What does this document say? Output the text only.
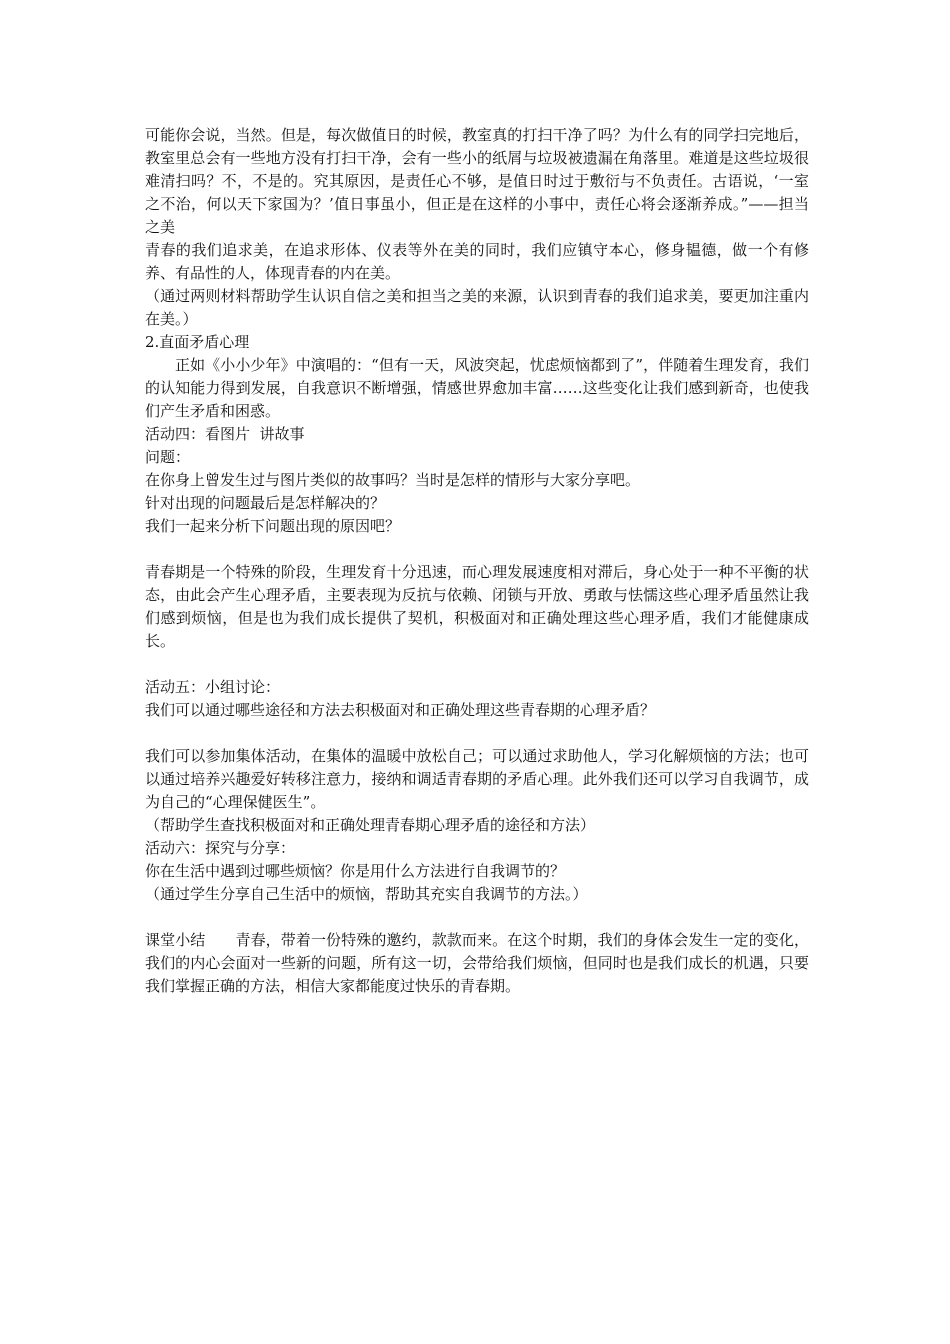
可能你会说，当然。但是，每次做值日的时候，教室真的打扫干净了吗？为什么有的同学扫完地后，教室里总会有一些地方没有打扫干净，会有一些小的纸屑与垃圾被遗漏在角落里。难道是这些垃圾很难清扫吗？不，不是的。究其原因，是责任心不够，是值日时过于敷衍与不负责任。古语说，‘一室之不治，何以天下家国为？’值日事虽小，但正是在这样的小事中，责任心将会逐渐养成。”——担当之美

青春的我们追求美，在追求形体、仪表等外在美的同时，我们应镇守本心，修身韫德，做一个有修养、有品性的人，体现青春的内在美。

（通过两则材料帮助学生认识自信之美和担当之美的来源，认识到青春的我们追求美，要更加注重内在美。）

2.直面矛盾心理

正如《小小少年》中演唱的：“但有一天，风波突起，忧虑烦恼都到了”，伴随着生理发育，我们的认知能力得到发展，自我意识不断增强，情感世界愈加丰富……这些变化让我们感到新奇，也使我们产生矛盾和困惑。

活动四：看图片  讲故事

问题：

在你身上曾发生过与图片类似的故事吗？当时是怎样的情形与大家分享吧。

针对出现的问题最后是怎样解决的？

我们一起来分析下问题出现的原因吧？

青春期是一个特殊的阶段，生理发育十分迅速，而心理发展速度相对滞后，身心处于一种不平衡的状态，由此会产生心理矛盾，主要表现为反抗与依赖、闭锁与开放、勇敢与怯懦这些心理矛盾虽然让我们感到烦恼，但是也为我们成长提供了契机，积极面对和正确处理这些心理矛盾，我们才能健康成长。

活动五：小组讨论：

我们可以通过哪些途径和方法去积极面对和正确处理这些青春期的心理矛盾？

我们可以参加集体活动，在集体的温暖中放松自己；可以通过求助他人，学习化解烦恼的方法；也可以通过培养兴趣爱好转移注意力，接纳和调适青春期的矛盾心理。此外我们还可以学习自我调节，成为自己的“心理保健医生”。

（帮助学生查找积极面对和正确处理青春期心理矛盾的途径和方法）

活动六：探究与分享：

你在生活中遇到过哪些烦恼？你是用什么方法进行自我调节的？

（通过学生分享自己生活中的烦恼，帮助其充实自我调节的方法。）

课堂小结 青春，带着一份特殊的邀约，款款而来。在这个时期，我们的身体会发生一定的变化，我们的内心会面对一些新的问题，所有这一切，会带给我们烦恼，但同时也是我们成长的机遇，只要我们掌握正确的方法，相信大家都能度过快乐的青春期。
